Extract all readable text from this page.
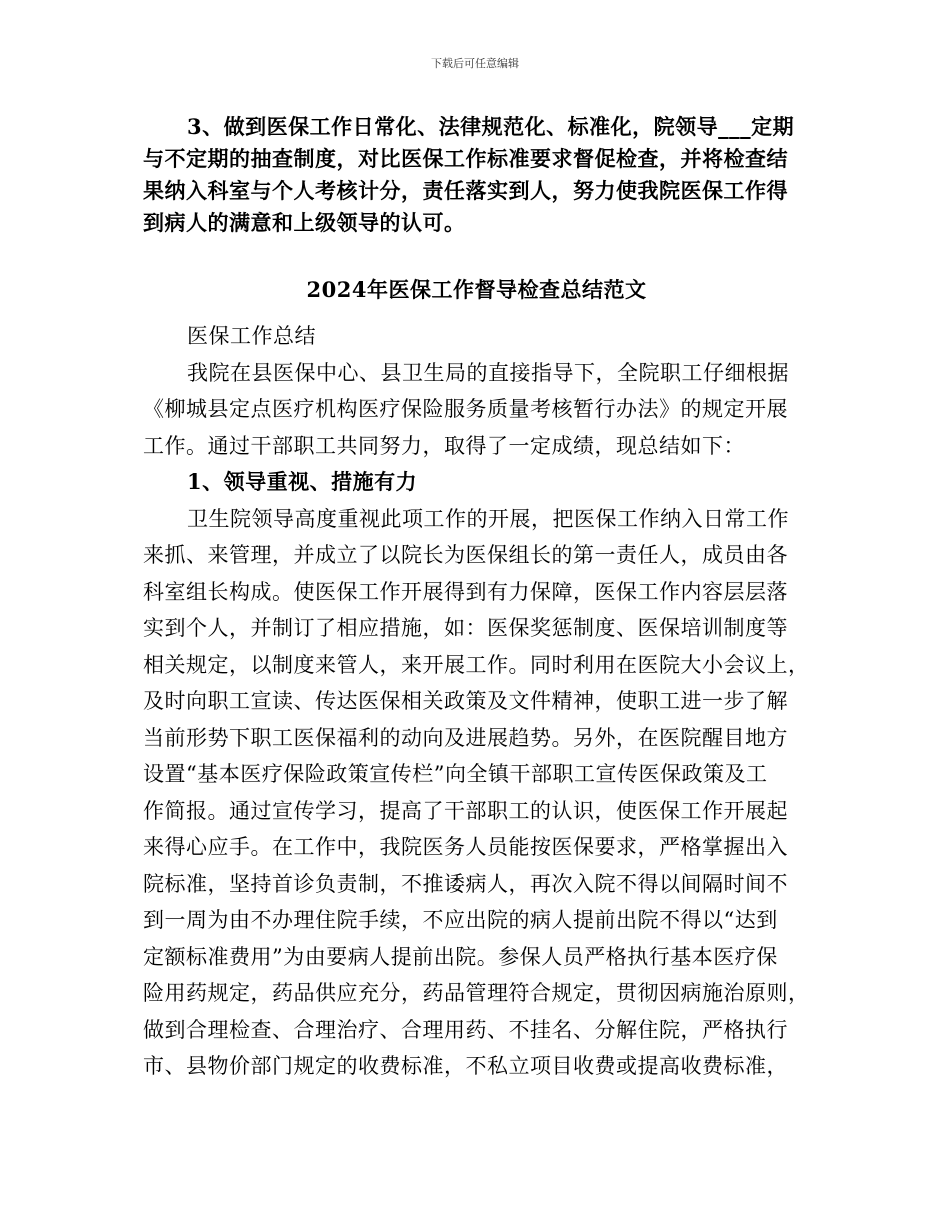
下载后可任意编辑
3、做到医保工作日常化、法律规范化、标准化，院领导___定期
与不定期的抽查制度，对比医保工作标准要求督促检查，并将检查结
果纳入科室与个人考核计分，责任落实到人，努力使我院医保工作得
到病人的满意和上级领导的认可。
2024年医保工作督导检查总结范文
医保工作总结
我院在县医保中心、县卫生局的直接指导下，全院职工仔细根据
《柳城县定点医疗机构医疗保险服务质量考核暂行办法》的规定开展
工作。通过干部职工共同努力，取得了一定成绩，现总结如下：
1、领导重视、措施有力
卫生院领导高度重视此项工作的开展，把医保工作纳入日常工作
来抓、来管理，并成立了以院长为医保组长的第一责任人，成员由各
科室组长构成。使医保工作开展得到有力保障，医保工作内容层层落
实到个人，并制订了相应措施，如：医保奖惩制度、医保培训制度等
相关规定，以制度来管人，来开展工作。同时利用在医院大小会议上，
及时向职工宣读、传达医保相关政策及文件精神，使职工进一步了解
当前形势下职工医保福利的动向及进展趋势。另外，在医院醒目地方
设置“基本医疗保险政策宣传栏”向全镇干部职工宣传医保政策及工
作简报。通过宣传学习，提高了干部职工的认识，使医保工作开展起
来得心应手。在工作中，我院医务人员能按医保要求，严格掌握出入
院标准，坚持首诊负责制，不推诿病人，再次入院不得以间隔时间不
到一周为由不办理住院手续，不应出院的病人提前出院不得以“达到
定额标准费用”为由要病人提前出院。参保人员严格执行基本医疗保
险用药规定，药品供应充分，药品管理符合规定，贯彻因病施治原则，
做到合理检查、合理治疗、合理用药、不挂名、分解住院，严格执行
市、县物价部门规定的收费标准，不私立项目收费或提高收费标准，
